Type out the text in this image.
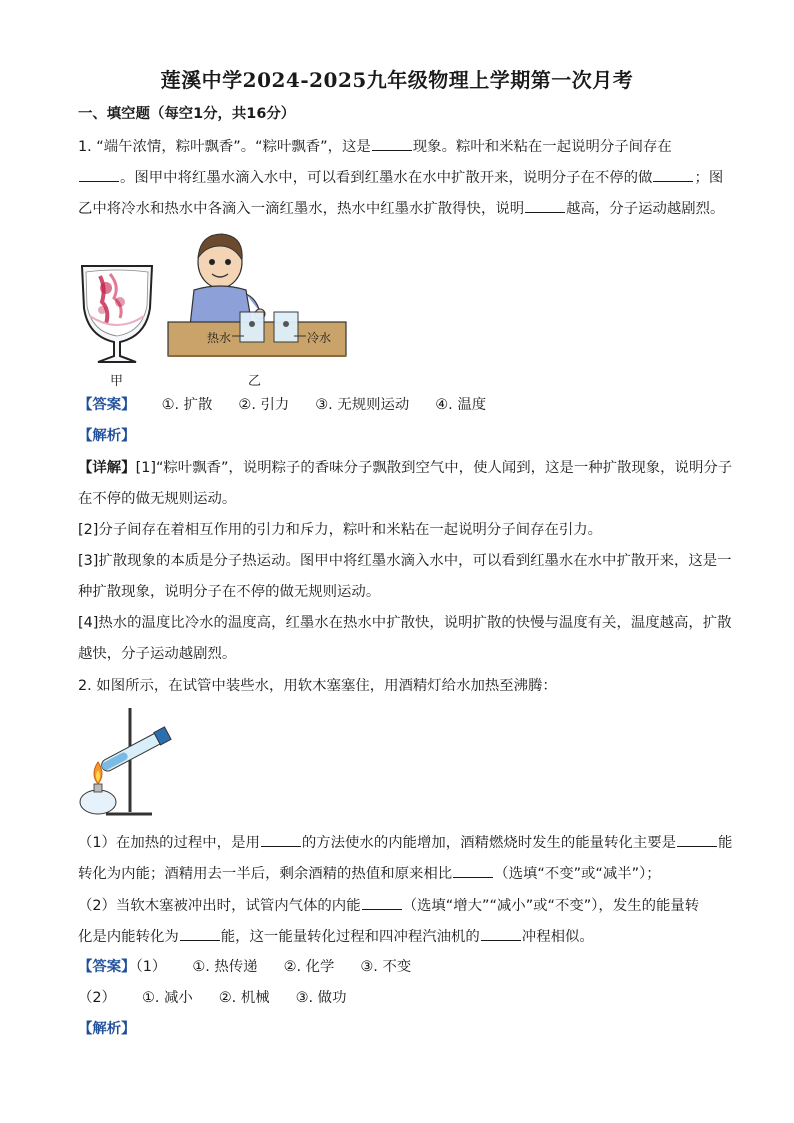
莲溪中学2024-2025九年级物理上学期第一次月考
一、填空题（每空1分，共16分）
1. “端午浓情，粽叶飘香”。“粽叶飘香”，这是	现象。粽叶和米粘在一起说明分子间存在
。图甲中将红墨水滴入水中，可以看到红墨水在水中扩散开来，说明分子在不停的做	；图
乙中将冷水和热水中各滴入一滴红墨水，热水中红墨水扩散得快，说明	越高，分子运动越剧烈。
甲
热水	冷水
乙
【答案】 ①. 扩散 ②. 引力 ③. 无规则运动 ④. 温度
【解析】
【详解】[1]“粽叶飘香”，说明粽子的香味分子飘散到空气中，使人闻到，这是一种扩散现象，说明分子
在不停的做无规则运动。
[2]分子间存在着相互作用的引力和斥力，粽叶和米粘在一起说明分子间存在引力。
[3]扩散现象的本质是分子热运动。图甲中将红墨水滴入水中，可以看到红墨水在水中扩散开来，这是一
种扩散现象，说明分子在不停的做无规则运动。
[4]热水的温度比冷水的温度高，红墨水在热水中扩散快，说明扩散的快慢与温度有关，温度越高，扩散
越快，分子运动越剧烈。
2. 如图所示，在试管中装些水，用软木塞塞住，用酒精灯给水加热至沸腾：
（1）在加热的过程中，是用	的方法使水的内能增加，酒精燃烧时发生的能量转化主要是	能
转化为内能；酒精用去一半后，剩余酒精的热值和原来相比	（选填“不变”或“减半”）；
（2）当软木塞被冲出时，试管内气体的内能	（选填“增大”“减小”或“不变”），发生的能量转
化是内能转化为	能，这一能量转化过程和四冲程汽油机的	冲程相似。
【答案】（1） ①. 热传递 ②. 化学 ③. 不变
（2） ①. 减小 ②. 机械 ③. 做功
【解析】
